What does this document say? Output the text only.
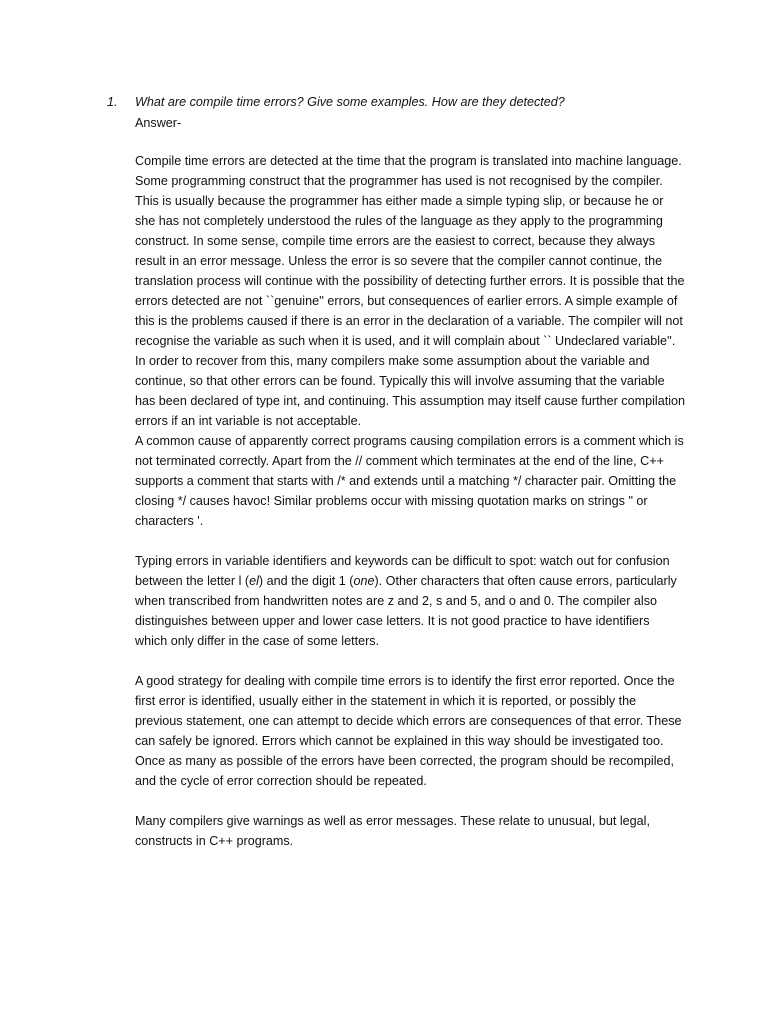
1. What are compile time errors? Give some examples. How are they detected?
Answer-

Compile time errors are detected at the time that the program is translated into machine language. Some programming construct that the programmer has used is not recognised by the compiler. This is usually because the programmer has either made a simple typing slip, or because he or she has not completely understood the rules of the language as they apply to the programming construct. In some sense, compile time errors are the easiest to correct, because they always result in an error message. Unless the error is so severe that the compiler cannot continue, the translation process will continue with the possibility of detecting further errors. It is possible that the errors detected are not ``genuine'' errors, but consequences of earlier errors. A simple example of this is the problems caused if there is an error in the declaration of a variable. The compiler will not recognise the variable as such when it is used, and it will complain about `` Undeclared variable''. In order to recover from this, many compilers make some assumption about the variable and continue, so that other errors can be found. Typically this will involve assuming that the variable has been declared of type int, and continuing. This assumption may itself cause further compilation errors if an int variable is not acceptable.

A common cause of apparently correct programs causing compilation errors is a comment which is not terminated correctly. Apart from the // comment which terminates at the end of the line, C++ supports a comment that starts with /* and extends until a matching */ character pair. Omitting the closing */ causes havoc! Similar problems occur with missing quotation marks on strings " or characters '.

Typing errors in variable identifiers and keywords can be difficult to spot: watch out for confusion between the letter l (el) and the digit 1 (one). Other characters that often cause errors, particularly when transcribed from handwritten notes are z and 2, s and 5, and o and 0. The compiler also distinguishes between upper and lower case letters. It is not good practice to have identifiers which only differ in the case of some letters.

A good strategy for dealing with compile time errors is to identify the first error reported. Once the first error is identified, usually either in the statement in which it is reported, or possibly the previous statement, one can attempt to decide which errors are consequences of that error. These can safely be ignored. Errors which cannot be explained in this way should be investigated too. Once as many as possible of the errors have been corrected, the program should be recompiled, and the cycle of error correction should be repeated.

Many compilers give warnings as well as error messages. These relate to unusual, but legal, constructs in C++ programs.
